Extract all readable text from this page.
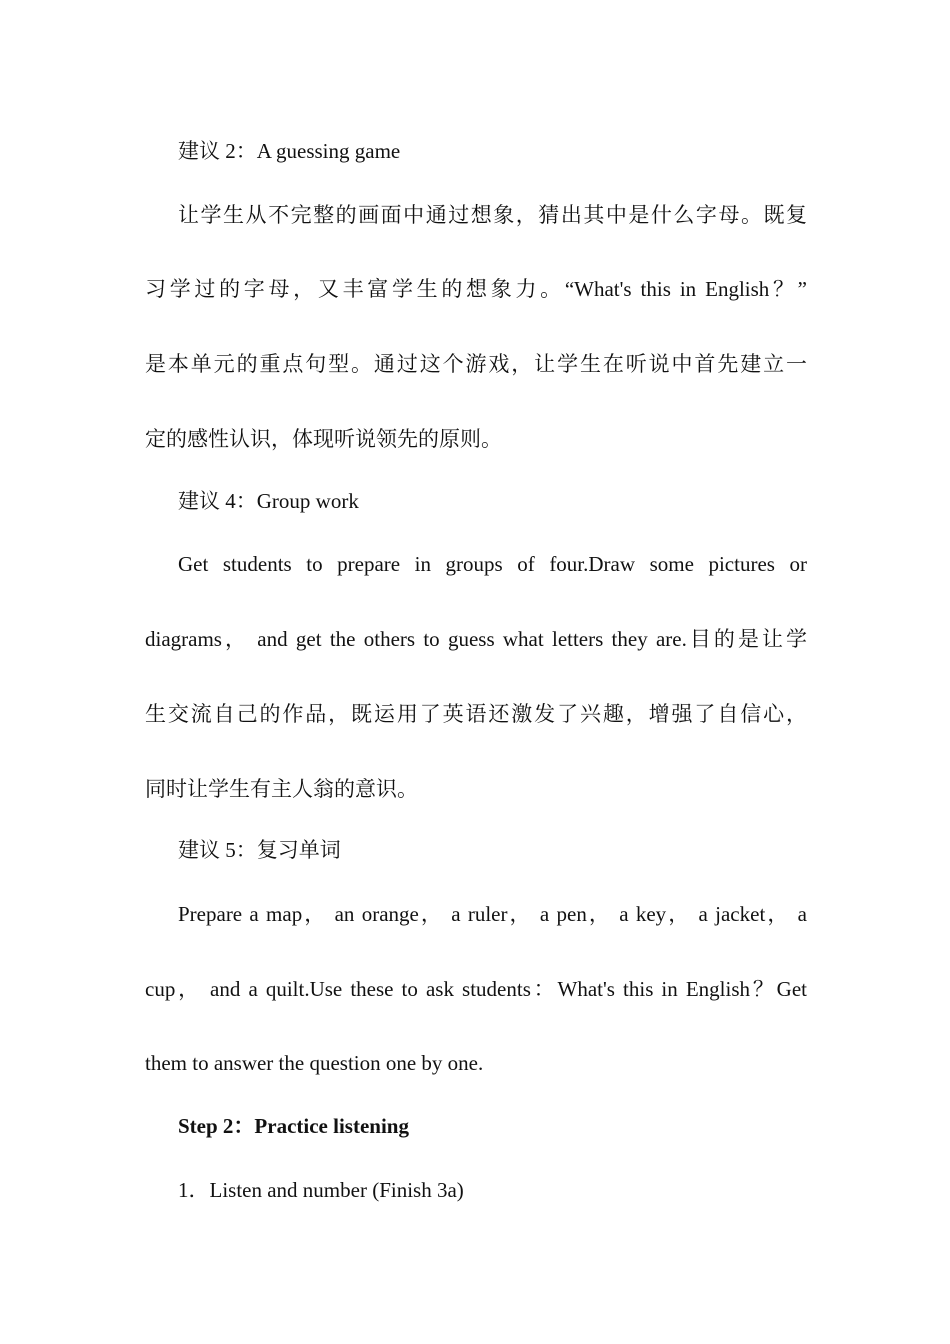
建议 2：A guessing game
让学生从不完整的画面中通过想象，猜出其中是什么字母。既复
习学过的字母，又丰富学生的想象力。“What's this in English？”
是本单元的重点句型。通过这个游戏，让学生在听说中首先建立一
定的感性认识，体现听说领先的原则。
建议 4：Group work
Get students to prepare in groups of four.Draw some pictures or
diagrams， and get the others to guess what letters they are.目的是让学
生交流自己的作品，既运用了英语还激发了兴趣，增强了自信心，
同时让学生有主人翁的意识。
建议 5：复习单词
Prepare a map， an orange， a ruler， a pen， a key， a jacket， a
cup， and a quilt.Use these to ask students：What's this in English？Get
them to answer the question one by one.
Step 2：Practice listening
1．Listen and number (Finish 3a)
